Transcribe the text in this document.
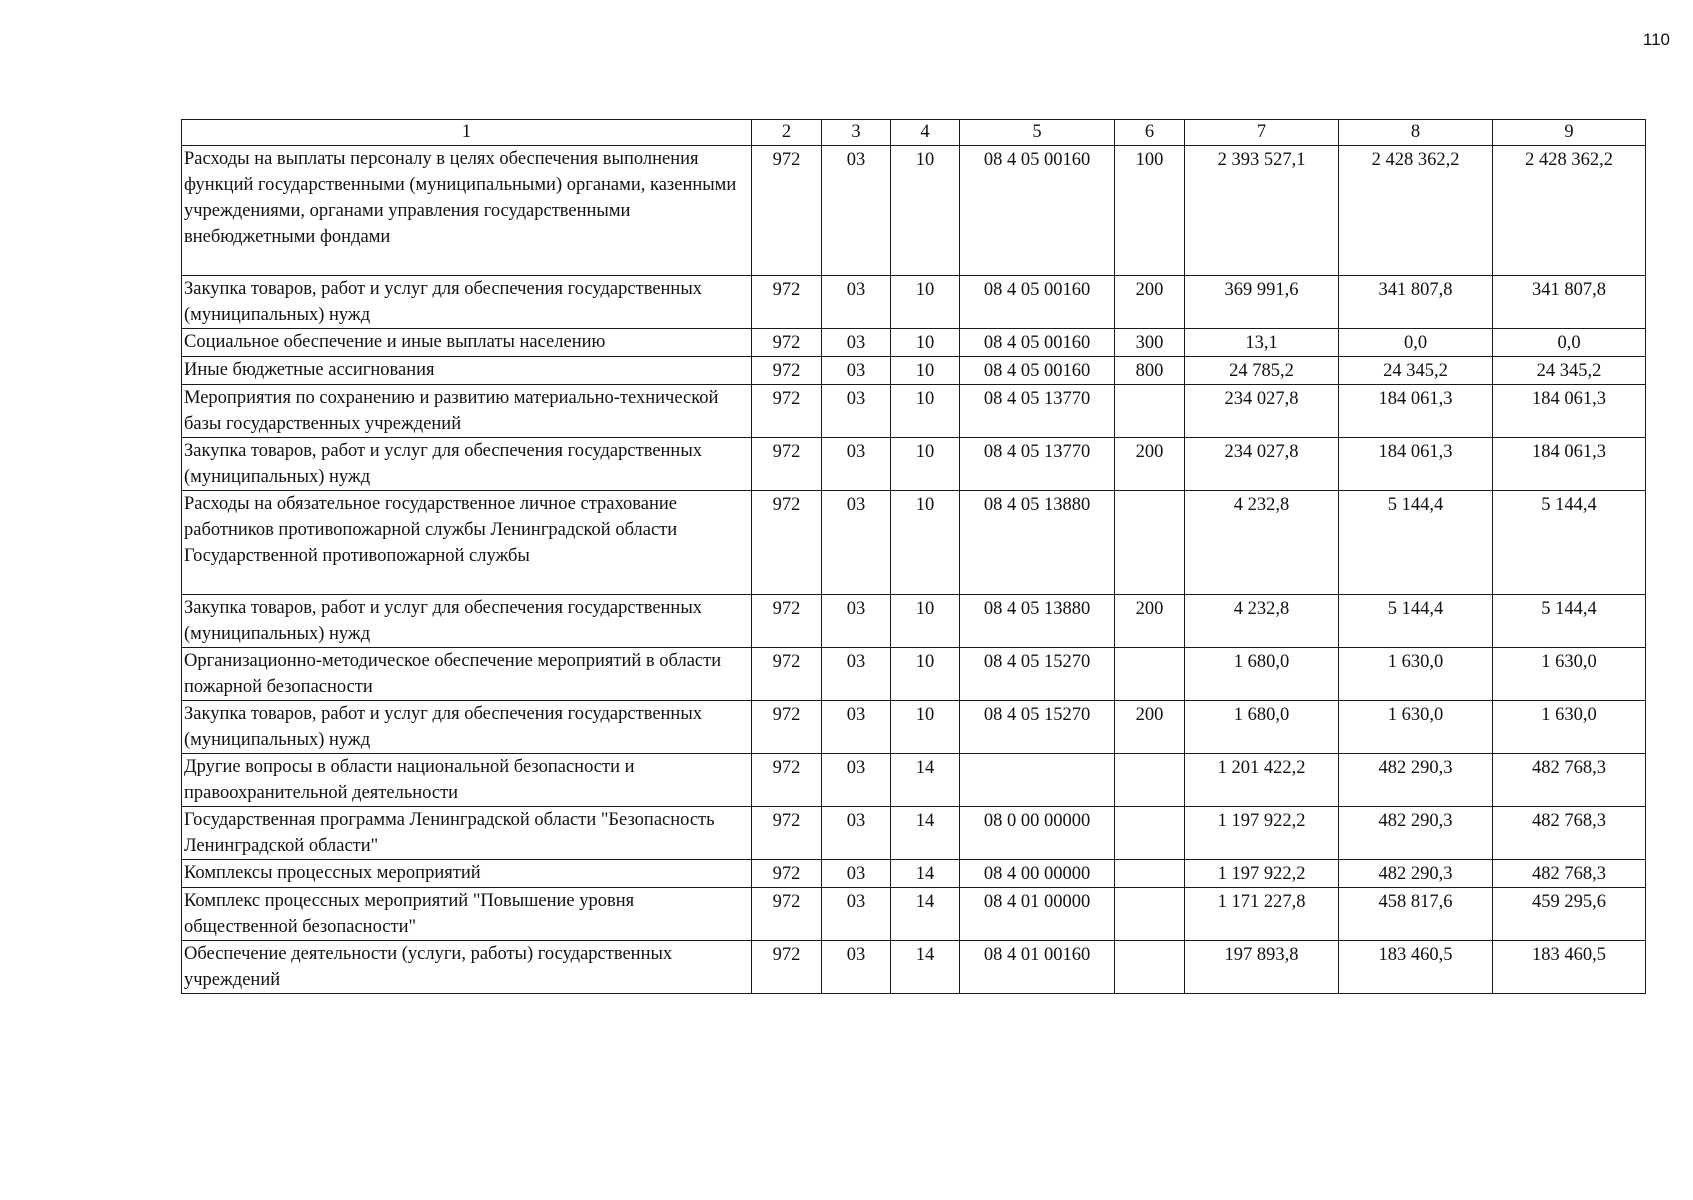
110
1	2	3	4	5	6	7	8	9
Расходы на выплаты персоналу в целях обеспечения выполнения функций государственными (муниципальными) органами, казенными учреждениями, органами управления государственными внебюджетными фондами	972	03	10	08 4 05 00160	100	2 393 527,1	2 428 362,2	2 428 362,2
Закупка товаров, работ и услуг для обеспечения государственных (муниципальных) нужд	972	03	10	08 4 05 00160	200	369 991,6	341 807,8	341 807,8
Социальное обеспечение и иные выплаты населению	972	03	10	08 4 05 00160	300	13,1	0,0	0,0
Иные бюджетные ассигнования	972	03	10	08 4 05 00160	800	24 785,2	24 345,2	24 345,2
Мероприятия по сохранению и развитию материально-технической базы государственных учреждений	972	03	10	08 4 05 13770		234 027,8	184 061,3	184 061,3
Закупка товаров, работ и услуг для обеспечения государственных (муниципальных) нужд	972	03	10	08 4 05 13770	200	234 027,8	184 061,3	184 061,3
Расходы на обязательное государственное личное страхование работников противопожарной службы Ленинградской области Государственной противопожарной службы	972	03	10	08 4 05 13880		4 232,8	5 144,4	5 144,4
Закупка товаров, работ и услуг для обеспечения государственных (муниципальных) нужд	972	03	10	08 4 05 13880	200	4 232,8	5 144,4	5 144,4
Организационно-методическое обеспечение мероприятий в области пожарной безопасности	972	03	10	08 4 05 15270		1 680,0	1 630,0	1 630,0
Закупка товаров, работ и услуг для обеспечения государственных (муниципальных) нужд	972	03	10	08 4 05 15270	200	1 680,0	1 630,0	1 630,0
Другие вопросы в области национальной безопасности и правоохранительной деятельности	972	03	14			1 201 422,2	482 290,3	482 768,3
Государственная программа Ленинградской области "Безопасность Ленинградской области"	972	03	14	08 0 00 00000		1 197 922,2	482 290,3	482 768,3
Комплексы процессных мероприятий	972	03	14	08 4 00 00000		1 197 922,2	482 290,3	482 768,3
Комплекс процессных мероприятий "Повышение уровня общественной безопасности"	972	03	14	08 4 01 00000		1 171 227,8	458 817,6	459 295,6
Обеспечение деятельности (услуги, работы) государственных учреждений	972	03	14	08 4 01 00160		197 893,8	183 460,5	183 460,5
